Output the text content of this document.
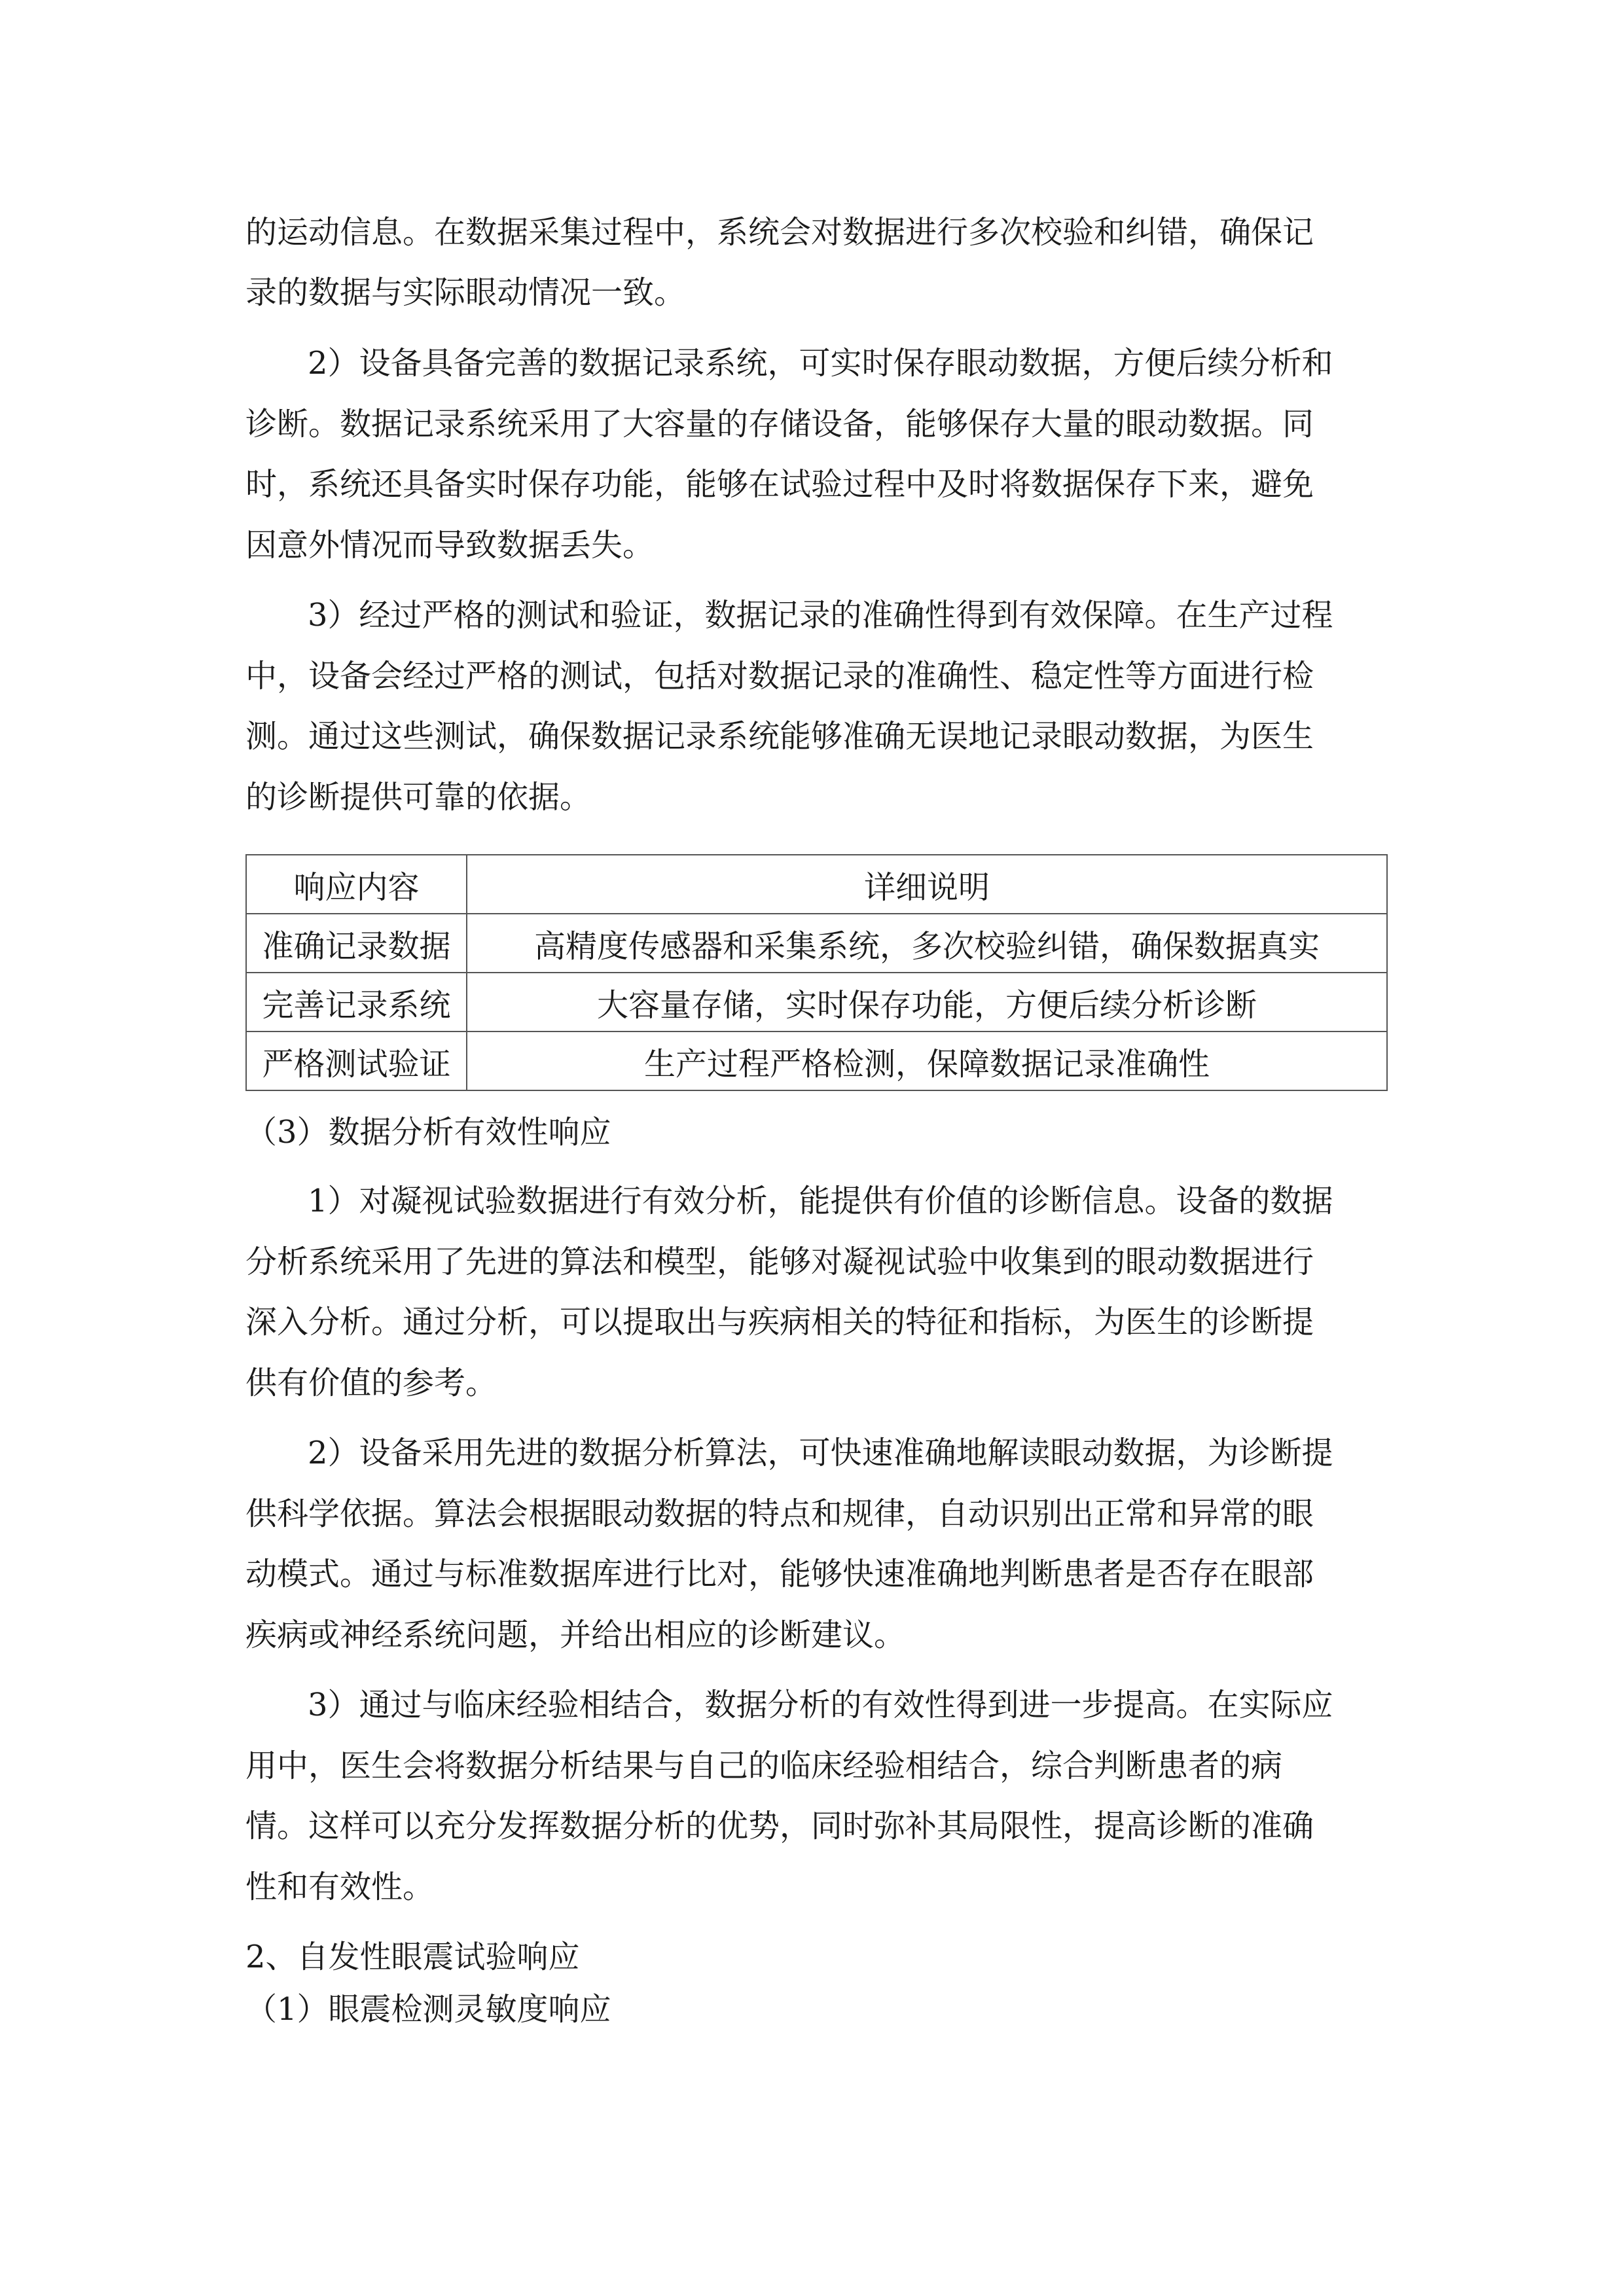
的运动信息。在数据采集过程中，系统会对数据进行多次校验和纠错，确保记

录的数据与实际眼动情况一致。

2）设备具备完善的数据记录系统，可实时保存眼动数据，方便后续分析和

诊断。数据记录系统采用了大容量的存储设备，能够保存大量的眼动数据。同

时，系统还具备实时保存功能，能够在试验过程中及时将数据保存下来，避免

因意外情况而导致数据丢失。

3）经过严格的测试和验证，数据记录的准确性得到有效保障。在生产过程

中，设备会经过严格的测试，包括对数据记录的准确性、稳定性等方面进行检

测。通过这些测试，确保数据记录系统能够准确无误地记录眼动数据，为医生

的诊断提供可靠的依据。

响应内容	详细说明
准确记录数据	高精度传感器和采集系统，多次校验纠错，确保数据真实
完善记录系统	大容量存储，实时保存功能，方便后续分析诊断
严格测试验证	生产过程严格检测，保障数据记录准确性

（3）数据分析有效性响应

1）对凝视试验数据进行有效分析，能提供有价值的诊断信息。设备的数据

分析系统采用了先进的算法和模型，能够对凝视试验中收集到的眼动数据进行

深入分析。通过分析，可以提取出与疾病相关的特征和指标，为医生的诊断提

供有价值的参考。

2）设备采用先进的数据分析算法，可快速准确地解读眼动数据，为诊断提

供科学依据。算法会根据眼动数据的特点和规律，自动识别出正常和异常的眼

动模式。通过与标准数据库进行比对，能够快速准确地判断患者是否存在眼部

疾病或神经系统问题，并给出相应的诊断建议。

3）通过与临床经验相结合，数据分析的有效性得到进一步提高。在实际应

用中，医生会将数据分析结果与自己的临床经验相结合，综合判断患者的病

情。这样可以充分发挥数据分析的优势，同时弥补其局限性，提高诊断的准确

性和有效性。

2、自发性眼震试验响应

（1）眼震检测灵敏度响应
